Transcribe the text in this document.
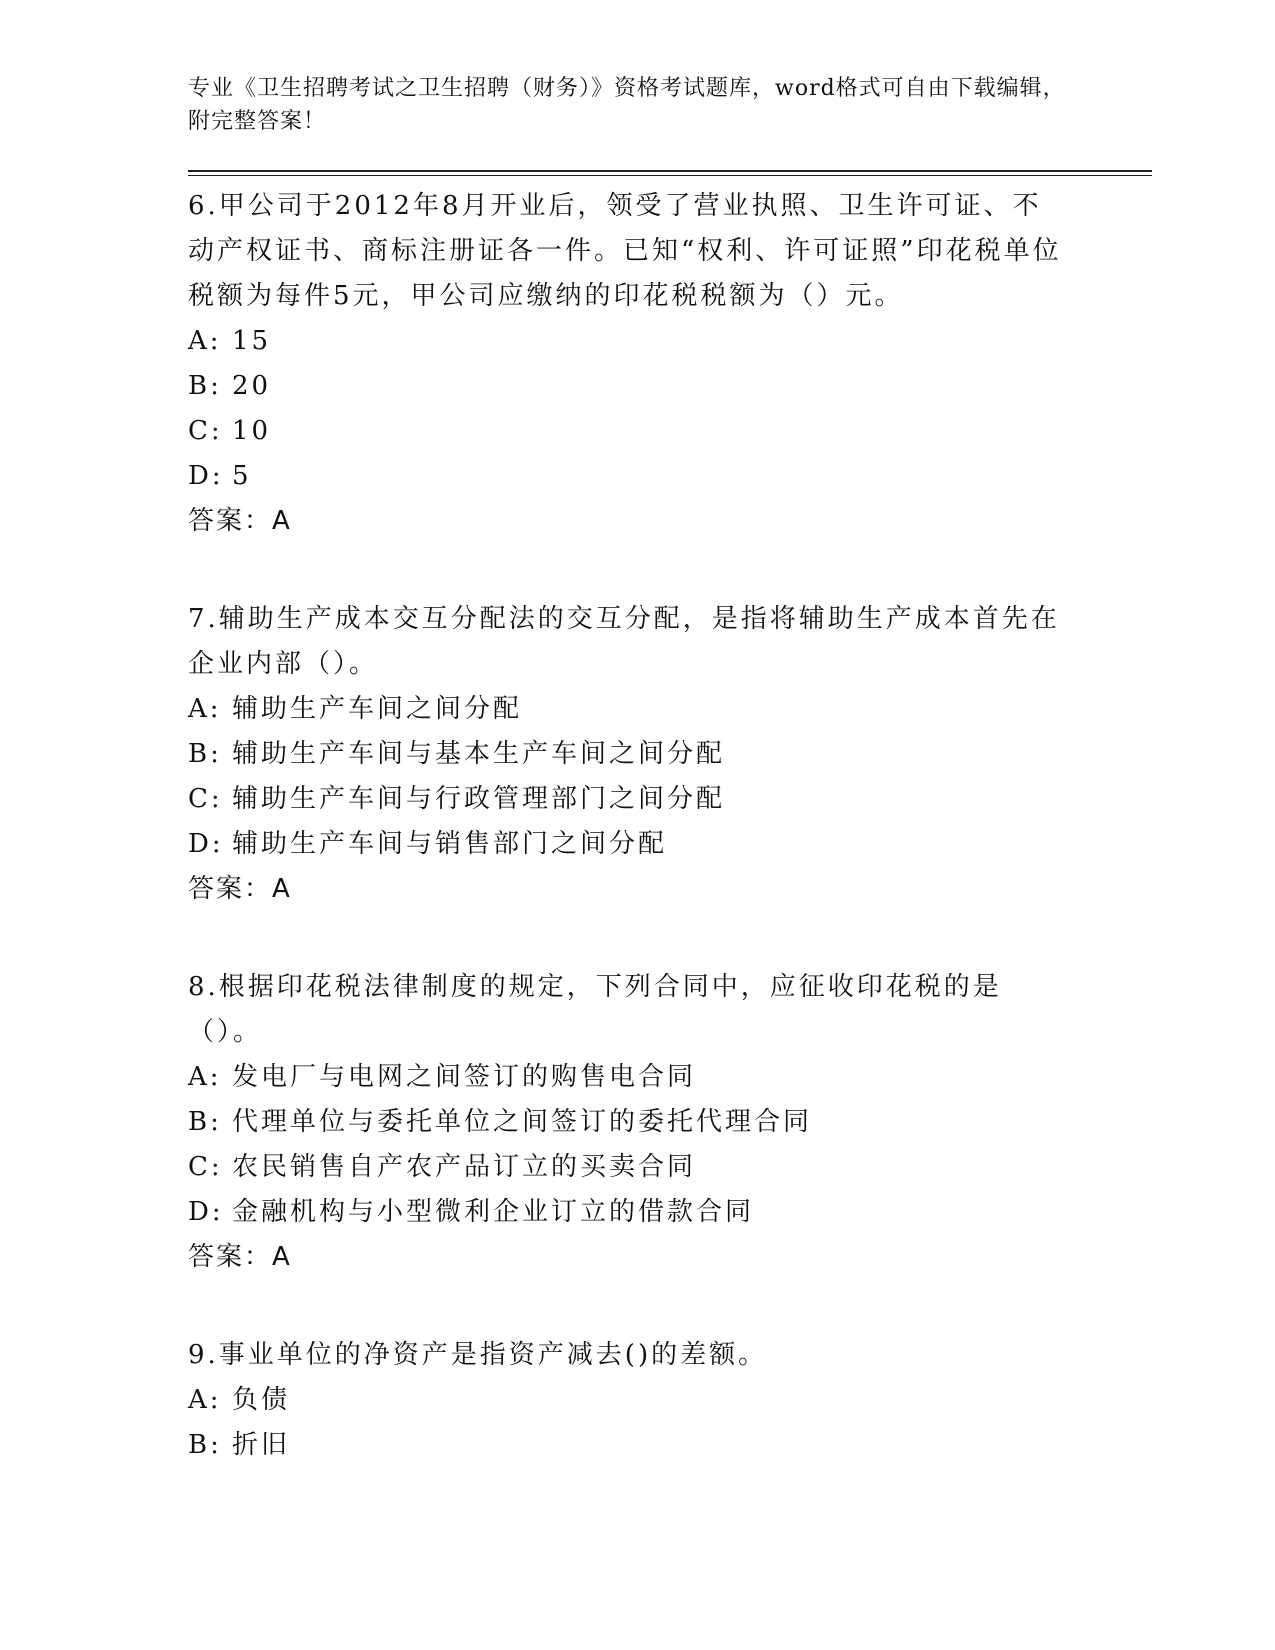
专业《卫生招聘考试之卫生招聘（财务）》资格考试题库，word格式可自由下载编辑，附完整答案！
6.甲公司于2012年8月开业后，领受了营业执照、卫生许可证、不动产权证书、商标注册证各一件。已知“权利、许可证照”印花税单位税额为每件5元，甲公司应缴纳的印花税税额为（）元。
A: 15
B: 20
C: 10
D: 5
答案：A
7.辅助生产成本交互分配法的交互分配，是指将辅助生产成本首先在企业内部（）。
A: 辅助生产车间之间分配
B: 辅助生产车间与基本生产车间之间分配
C: 辅助生产车间与行政管理部门之间分配
D: 辅助生产车间与销售部门之间分配
答案：A
8.根据印花税法律制度的规定，下列合同中，应征收印花税的是（）。
A: 发电厂与电网之间签订的购售电合同
B: 代理单位与委托单位之间签订的委托代理合同
C: 农民销售自产农产品订立的买卖合同
D: 金融机构与小型微利企业订立的借款合同
答案：A
9.事业单位的净资产是指资产减去()的差额。
A: 负债
B: 折旧
